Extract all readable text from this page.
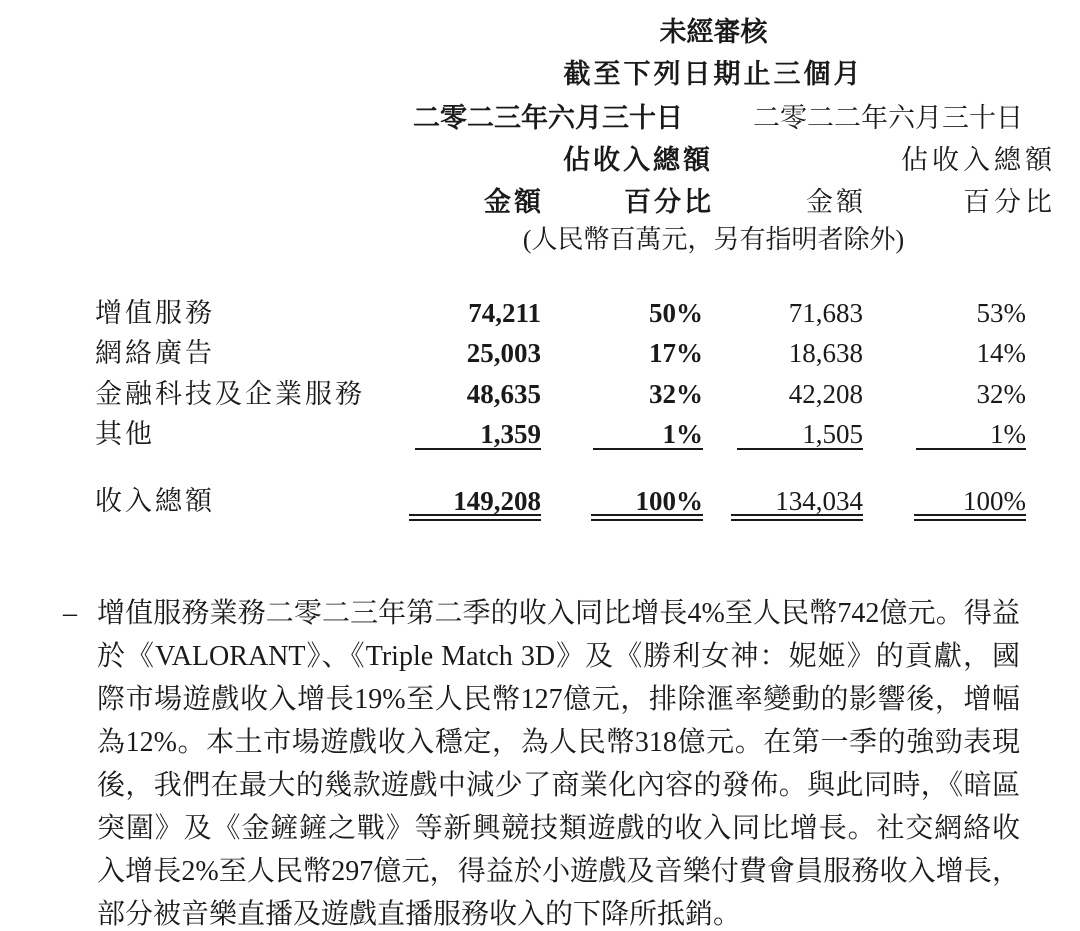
未經審核
截至下列日期止三個月
二零二三年六月三十日	二零二二年六月三十日
佔收入總額	佔收入總額
金額	百分比	金額	百分比
(人民幣百萬元，另有指明者除外)
增值服務	74,211	50%	71,683	53%
網絡廣告	25,003	17%	18,638	14%
金融科技及企業服務	48,635	32%	42,208	32%
其他	1,359	1%	1,505	1%
收入總額	149,208	100%	134,034	100%
– 增值服務業務二零二三年第二季的收入同比增長4%至人民幣742億元。得益於《VALORANT》、《Triple Match 3D》及《勝利女神：妮姬》的貢獻，國際市場遊戲收入增長19%至人民幣127億元，排除滙率變動的影響後，增幅為12%。本土市場遊戲收入穩定，為人民幣318億元。在第一季的強勁表現後，我們在最大的幾款遊戲中減少了商業化內容的發佈。與此同時，《暗區突圍》及《金鏟鏟之戰》等新興競技類遊戲的收入同比增長。社交網絡收入增長2%至人民幣297億元，得益於小遊戲及音樂付費會員服務收入增長，部分被音樂直播及遊戲直播服務收入的下降所抵銷。
